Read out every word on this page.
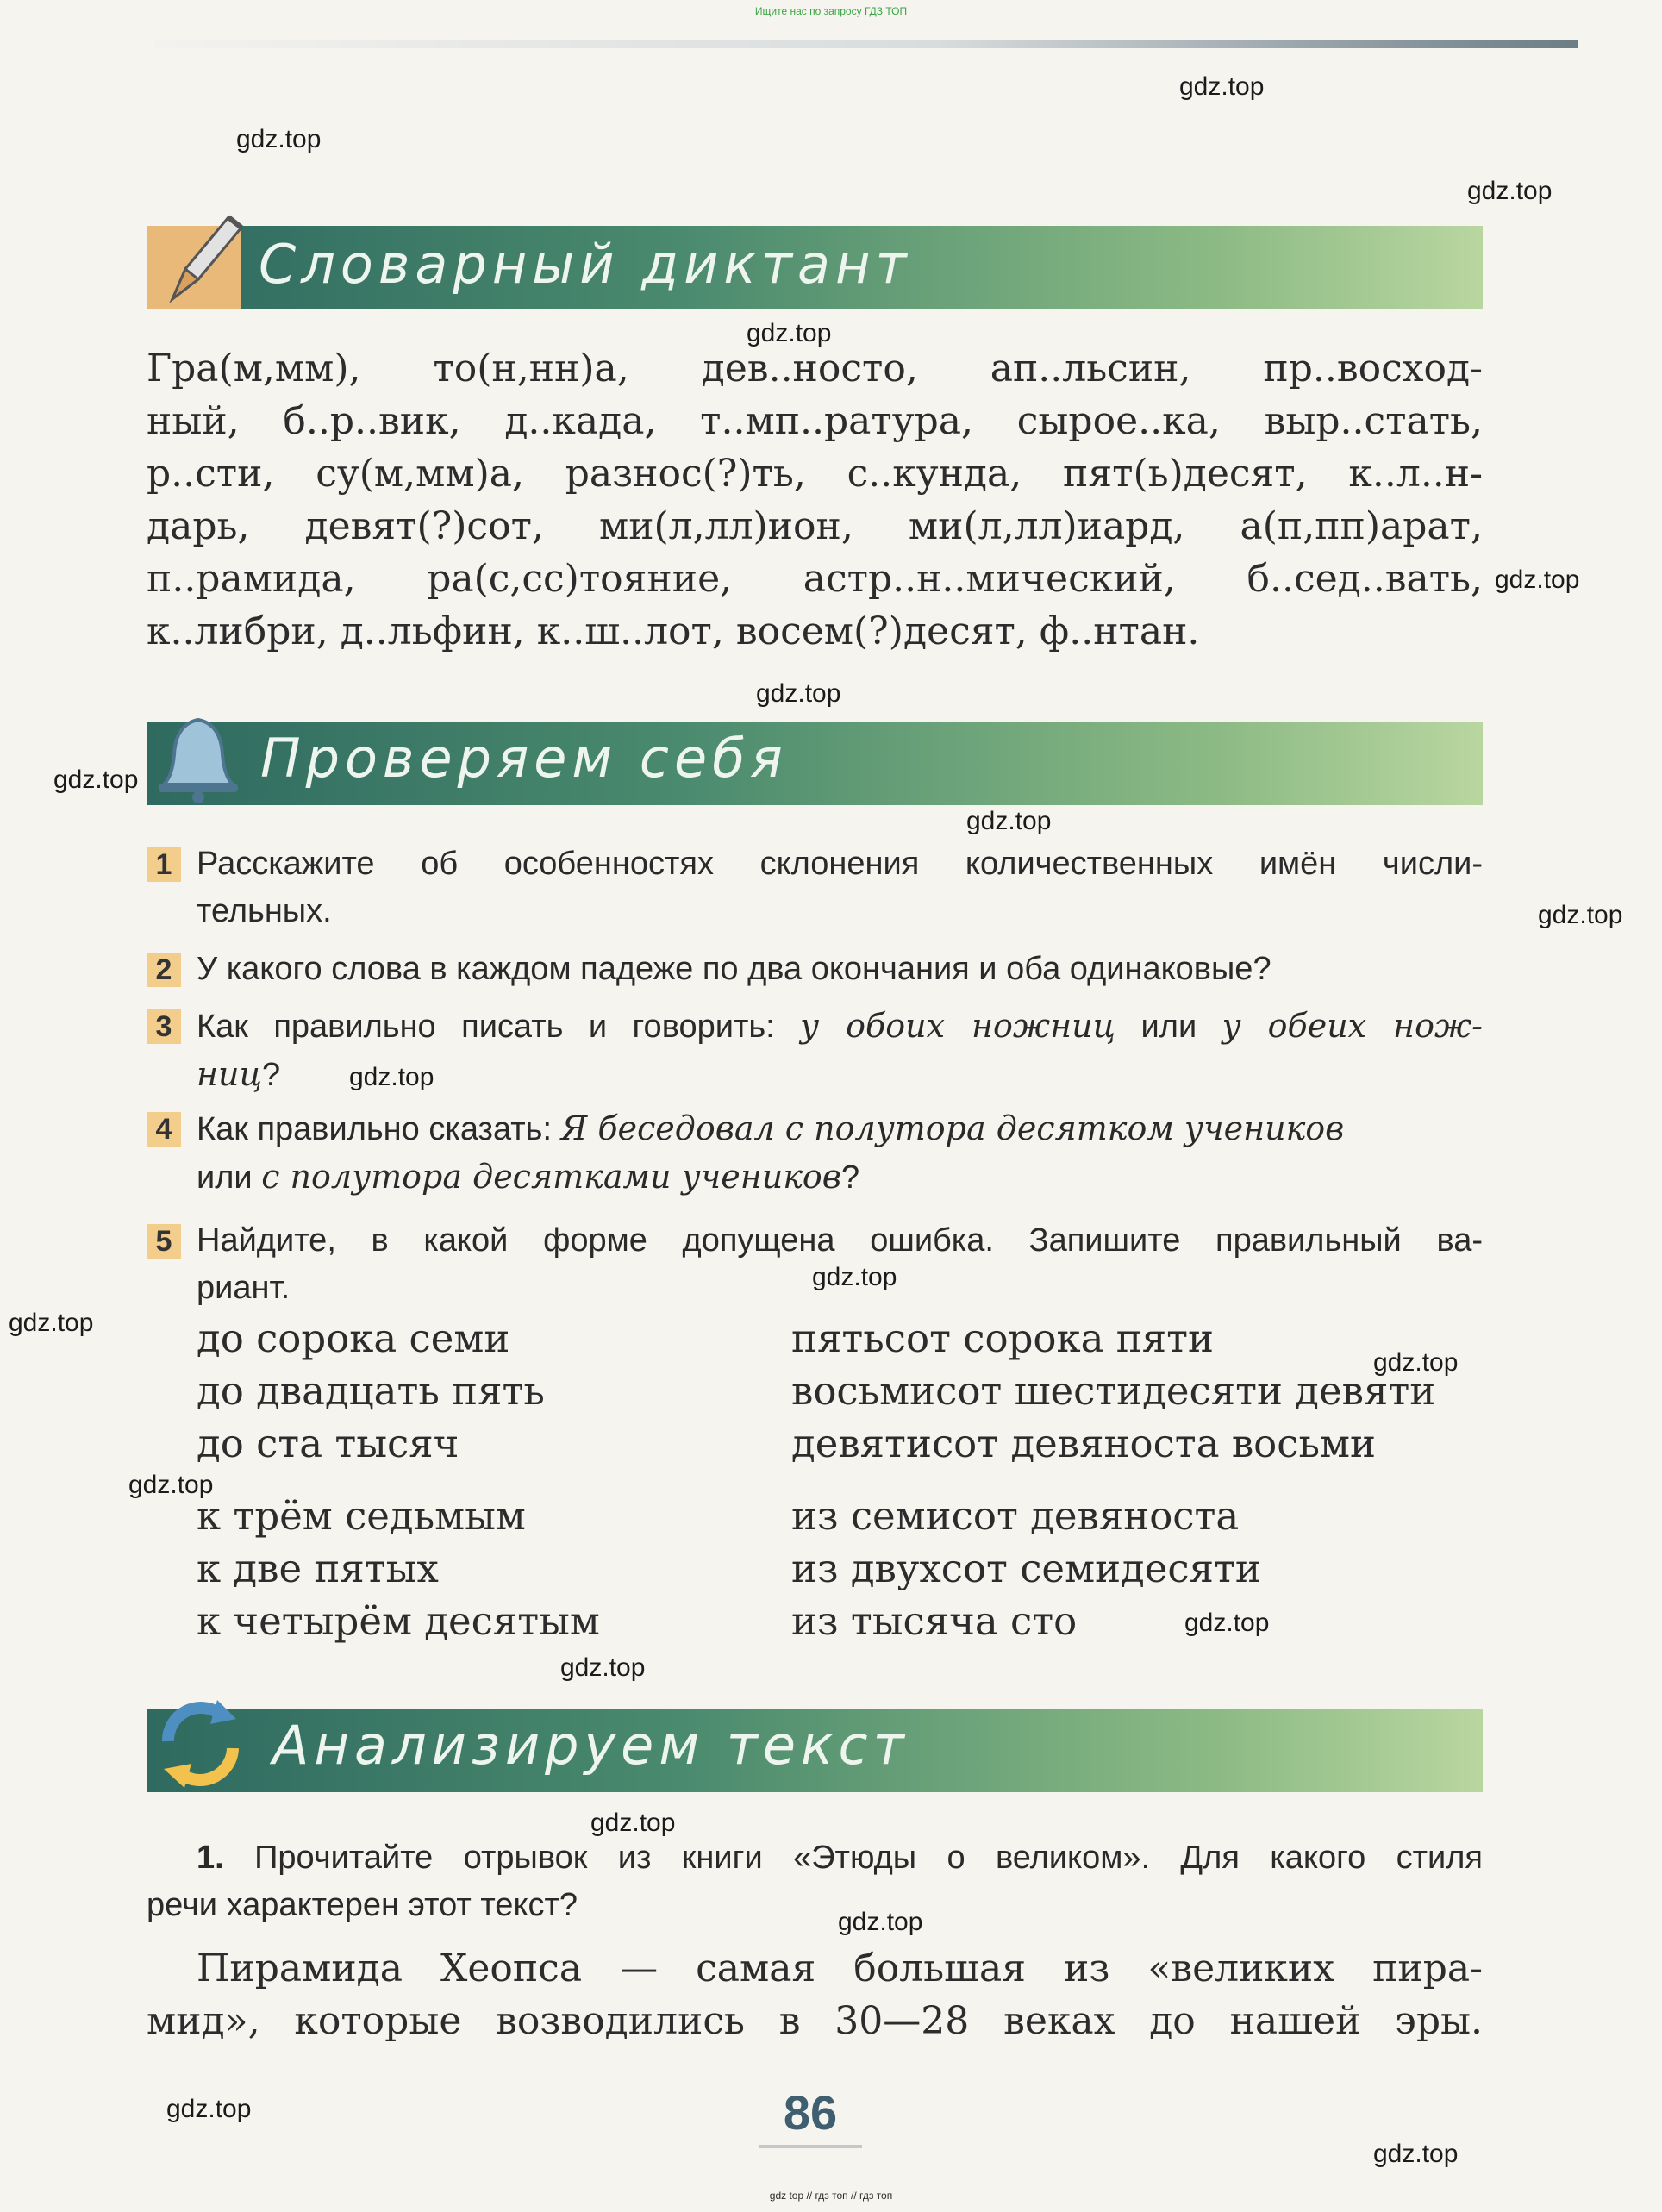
Ищите нас по запросу ГДЗ ТОП
Словарный диктант
Гра(м,мм), то(н,нн)а, дев..носто, ап..льсин, пр..восход-
ный, б..р..вик, д..када, т..мп..ратура, сырое..ка, выр..стать,
р..сти, су(м,мм)а, разнос(?)ть, с..кунда, пят(ь)десят, к..л..н-
дарь, девят(?)сот, ми(л,лл)ион, ми(л,лл)иард, а(п,пп)арат,
п..рамида, ра(с,сс)тояние, астр..н..мический, б..сед..вать,
к..либри, д..льфин, к..ш..лот, восем(?)десят, ф..нтан.
Проверяем себя
1 Расскажите об особенностях склонения количественных имён числи-
тельных.
2 У какого слова в каждом падеже по два окончания и оба одинаковые?
3 Как правильно писать и говорить: у обоих ножниц или у обеих нож-
ниц?
4 Как правильно сказать: Я беседовал с полутора десятком учеников
или с полутора десятками учеников?
5 Найдите, в какой форме допущена ошибка. Запишите правильный ва-
риант.
до сорока семи
до двадцать пять
до ста тысяч
к трём седьмым
к две пятых
к четырём десятым
пятьсот сорока пяти
восьмисот шестидесяти девяти
девятисот девяноста восьми
из семисот девяноста
из двухсот семидесяти
из тысяча сто
Анализируем текст
1. Прочитайте отрывок из книги «Этюды о великом». Для какого стиля
речи характерен этот текст?
Пирамида Хеопса — самая большая из «великих пира-
мид», которые возводились в 30—28 веках до нашей эры.
86
gdz.top
gdz.top
gdz.top
gdz.top
gdz.top
gdz.top
gdz.top
gdz.top
gdz.top
gdz.top
gdz.top
gdz.top
gdz.top
gdz.top
gdz.top
gdz.top
gdz.top
gdz.top
gdz.top
gdz.top
gdz top // гдз топ // гдз топ
